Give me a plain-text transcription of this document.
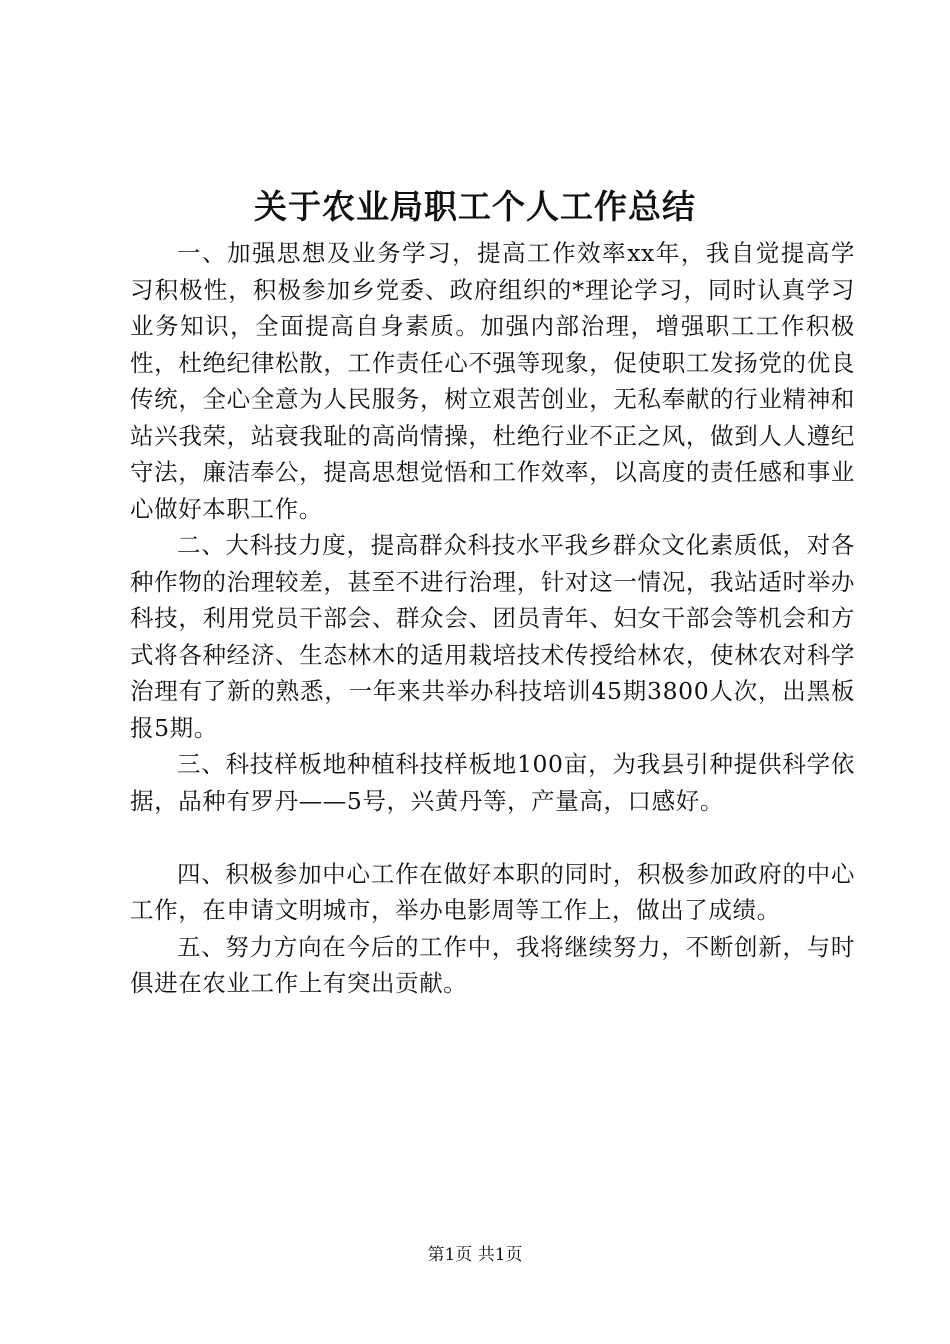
关于农业局职工个人工作总结

一、加强思想及业务学习，提高工作效率xx年，我自觉提高学习积极性，积极参加乡党委、政府组织的*理论学习，同时认真学习业务知识，全面提高自身素质。加强内部治理，增强职工工作积极性，杜绝纪律松散，工作责任心不强等现象，促使职工发扬党的优良传统，全心全意为人民服务，树立艰苦创业，无私奉献的行业精神和站兴我荣，站衰我耻的高尚情操，杜绝行业不正之风，做到人人遵纪守法，廉洁奉公，提高思想觉悟和工作效率，以高度的责任感和事业心做好本职工作。

二、大科技力度，提高群众科技水平我乡群众文化素质低，对各种作物的治理较差，甚至不进行治理，针对这一情况，我站适时举办科技，利用党员干部会、群众会、团员青年、妇女干部会等机会和方式将各种经济、生态林木的适用栽培技术传授给林农，使林农对科学治理有了新的熟悉，一年来共举办科技培训45期3800人次，出黑板报5期。

三、科技样板地种植科技样板地100亩，为我县引种提供科学依据，品种有罗丹——5号，兴黄丹等，产量高，口感好。

四、积极参加中心工作在做好本职的同时，积极参加政府的中心工作，在申请文明城市，举办电影周等工作上，做出了成绩。

五、努力方向在今后的工作中，我将继续努力，不断创新，与时俱进在农业工作上有突出贡献。

第1页 共1页
